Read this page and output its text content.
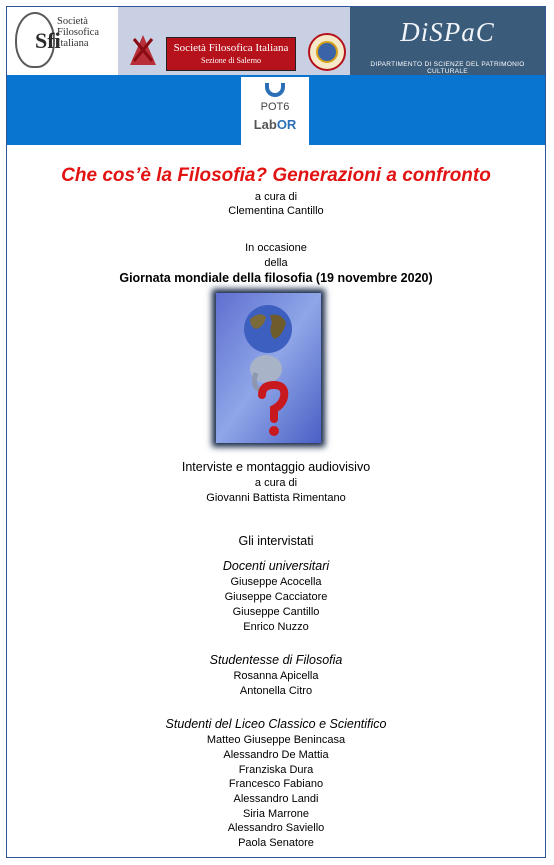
Sfi
Società
Filosofica
Italiana	Società Filosofica Italiana
Sezione di Salerno
DiSPaC
DIPARTIMENTO DI SCIENZE DEL PATRIMONIO CULTURALE
POT6
LabOR
Che cos’è la Filosofia? Generazioni a confronto
a cura di
Clementina Cantillo
In occasione
della
Giornata mondiale della filosofia (19 novembre 2020)
Interviste e montaggio audiovisivo
a cura di
Giovanni Battista Rimentano
Gli intervistati
Docenti universitari
Giuseppe Acocella
Giuseppe Cacciatore
Giuseppe Cantillo
Enrico Nuzzo
Studentesse di Filosofia
Rosanna Apicella
Antonella Citro
Studenti del Liceo Classico e Scientifico
Matteo Giuseppe Benincasa
Alessandro De Mattia
Franziska Dura
Francesco Fabiano
Alessandro Landi
Siria Marrone
Alessandro Saviello
Paola Senatore
